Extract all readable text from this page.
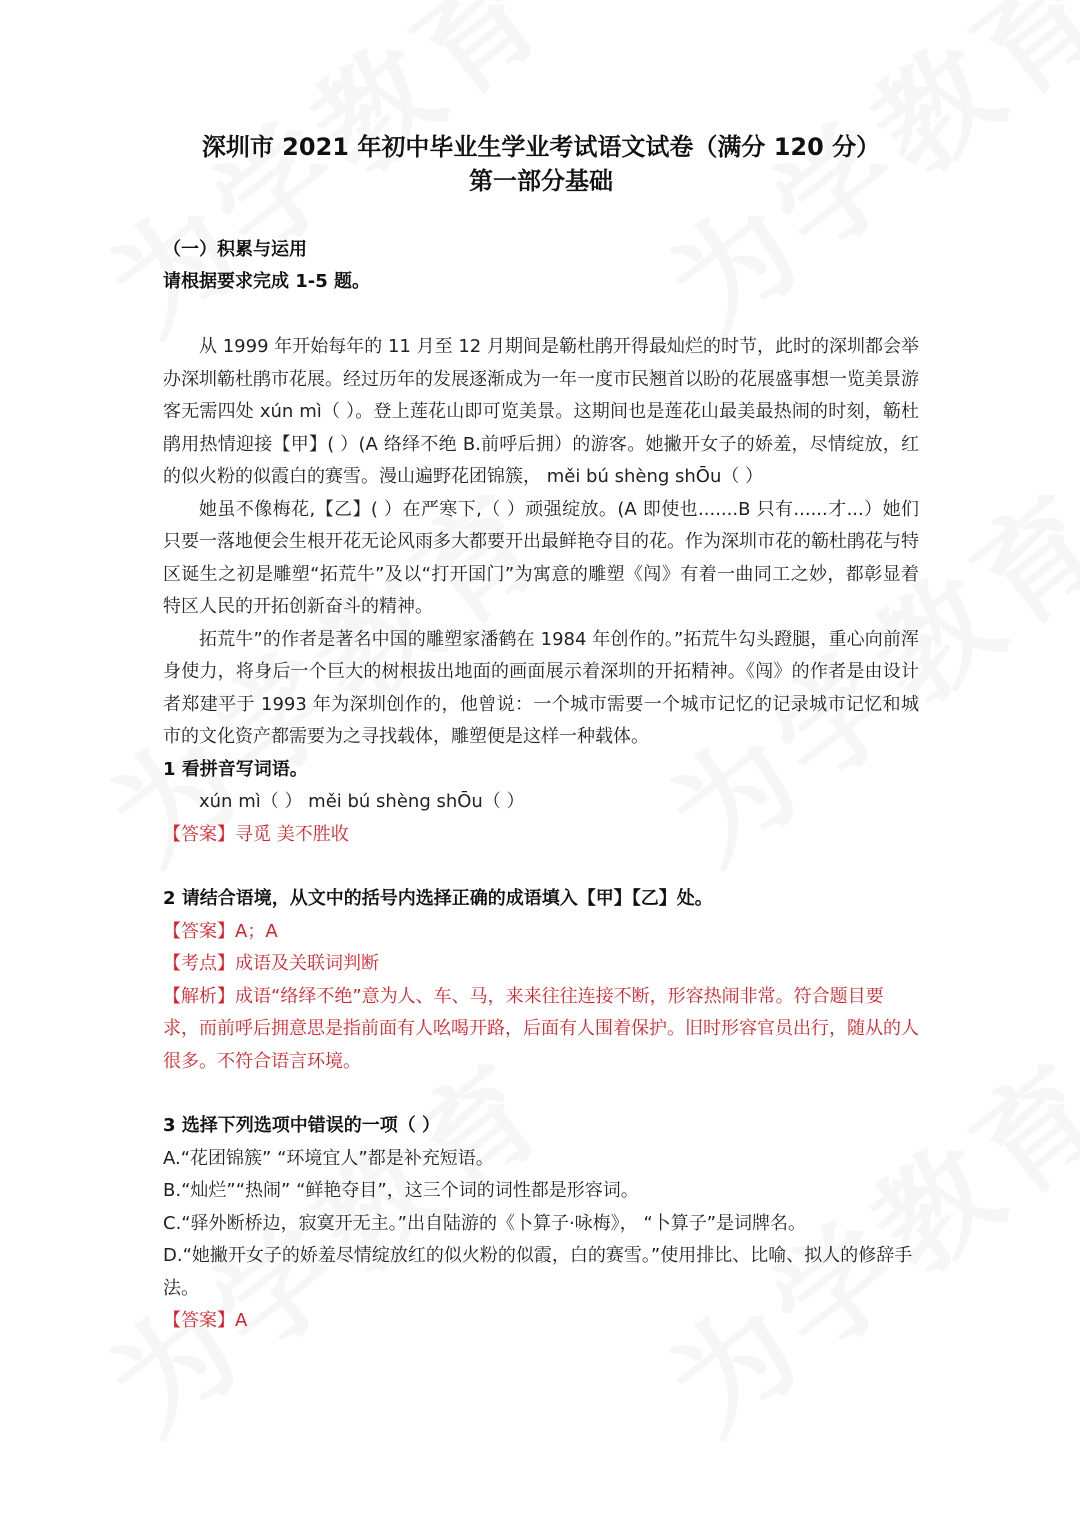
深圳市 2021 年初中毕业生学业考试语文试卷（满分 120 分）
第一部分基础
（一）积累与运用
请根据要求完成 1-5 题。

从 1999 年开始每年的 11 月至 12 月期间是簕杜鹃开得最灿烂的时节，此时的深圳都会举办深圳簕杜鹃市花展。经过历年的发展逐渐成为一年一度市民翘首以盼的花展盛事想一览美景游客无需四处 xún mì（ ）。登上莲花山即可览美景。这期间也是莲花山最美最热闹的时刻，簕杜鹃用热情迎接【甲】( ）(A 络绎不绝 B.前呼后拥）的游客。她撇开女子的娇羞，尽情绽放，红的似火粉的似霞白的赛雪。漫山遍野花团锦簇， měi bú shèng shŌu（ ）

她虽不像梅花,【乙】( ）在严寒下,（ ）顽强绽放。(A 即使也.......B 只有......才...）她们只要一落地便会生根开花无论风雨多大都要开出最鲜艳夺目的花。作为深圳市花的簕杜鹃花与特区诞生之初是雕塑“拓荒牛”及以“打开国门”为寓意的雕塑《闯》有着一曲同工之妙，都彰显着特区人民的开拓创新奋斗的精神。

拓荒牛”的作者是著名中国的雕塑家潘鹤在 1984 年创作的。”拓荒牛勾头蹬腿，重心向前浑身使力，将身后一个巨大的树根拔出地面的画面展示着深圳的开拓精神。《闯》的作者是由设计者郑建平于 1993 年为深圳创作的，他曾说：一个城市需要一个城市记忆的记录城市记忆和城市的文化资产都需要为之寻找载体，雕塑便是这样一种载体。

1 看拼音写词语。
xún mì（ ） měi bú shèng shŌu（ ）
【答案】寻觅 美不胜收
2 请结合语境，从文中的括号内选择正确的成语填入【甲】【乙】处。
【答案】A；A
【考点】成语及关联词判断
【解析】成语“络绎不绝”意为人、车、马，来来往往连接不断，形容热闹非常。符合题目要求，而前呼后拥意思是指前面有人吆喝开路，后面有人围着保护。旧时形容官员出行，随从的人很多。不符合语言环境。
3 选择下列选项中错误的一项（ ）
A.“花团锦簇” “环境宜人”都是补充短语。
B.“灿烂”“热闹” “鲜艳夺目”，这三个词的词性都是形容词。
C.“驿外断桥边，寂寞开无主。”出自陆游的《卜算子·咏梅》， “卜算子”是词牌名。
D.“她撇开女子的娇羞尽情绽放红的似火粉的似霞，白的赛雪。”使用排比、比喻、拟人的修辞手法。
【答案】A
